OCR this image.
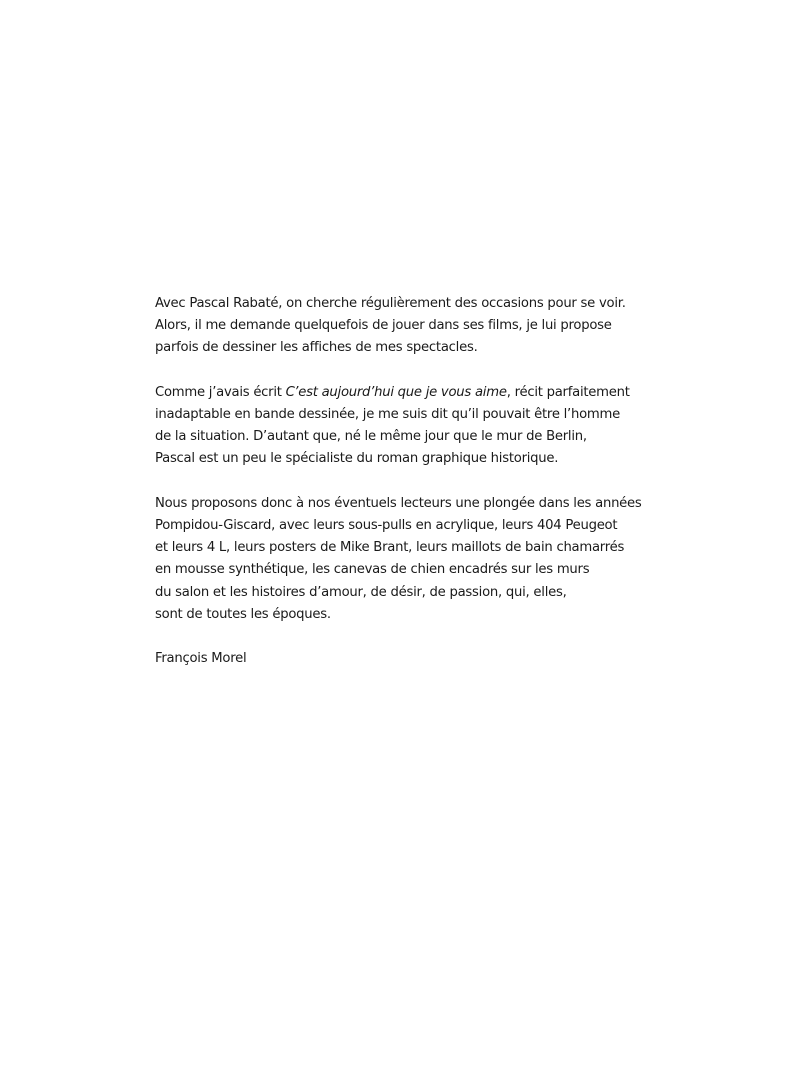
Avec Pascal Rabaté, on cherche régulièrement des occasions pour se voir.
Alors, il me demande quelquefois de jouer dans ses films, je lui propose
parfois de dessiner les affiches de mes spectacles.

Comme j’avais écrit C’est aujourd’hui que je vous aime, récit parfaitement
inadaptable en bande dessinée, je me suis dit qu’il pouvait être l’homme
de la situation. D’autant que, né le même jour que le mur de Berlin,
Pascal est un peu le spécialiste du roman graphique historique.

Nous proposons donc à nos éventuels lecteurs une plongée dans les années
Pompidou-Giscard, avec leurs sous-pulls en acrylique, leurs 404 Peugeot
et leurs 4 L, leurs posters de Mike Brant, leurs maillots de bain chamarrés
en mousse synthétique, les canevas de chien encadrés sur les murs
du salon et les histoires d’amour, de désir, de passion, qui, elles,
sont de toutes les époques.

François Morel
